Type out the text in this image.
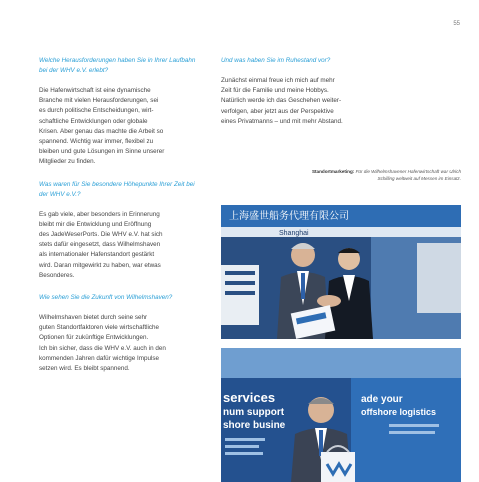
55

Welche Herausforderungen haben Sie in Ihrer Laufbahn bei der WHV e.V. erlebt?

Die Hafenwirtschaft ist eine dynamische
Branche mit vielen Herausforderungen, sei
es durch politische Entscheidungen, wirt-
schaftliche Entwicklungen oder globale
Krisen. Aber genau das machte die Arbeit so
spannend. Wichtig war immer, flexibel zu
bleiben und gute Lösungen im Sinne unserer
Mitglieder zu finden.

Was waren für Sie besondere Höhepunkte Ihrer Zeit bei der WHV e.V.?

Es gab viele, aber besonders in Erinnerung
bleibt mir die Entwicklung und Eröffnung
des JadeWeserPorts. Die WHV e.V. hat sich
stets dafür eingesetzt, dass Wilhelmshaven
als internationaler Hafenstandort gestärkt
wird. Daran mitgewirkt zu haben, war etwas
Besonderes.

Wie sehen Sie die Zukunft von Wilhelmshaven?

Wilhelmshaven bietet durch seine sehr
guten Standortfaktoren viele wirtschaftliche
Optionen für zukünftige Entwicklungen.
Ich bin sicher, dass die WHV e.V. auch in den
kommenden Jahren dafür wichtige Impulse
setzen wird. Es bleibt spannend.

Und was haben Sie im Ruhestand vor?

Zunächst einmal freue ich mich auf mehr
Zeit für die Familie und meine Hobbys.
Natürlich werde ich das Geschehen weiter-
verfolgen, aber jetzt aus der Perspektive
eines Privatmanns – und mit mehr Abstand.

Standortmarketing: Für die Wilhelmshavener Hafenwirtschaft war Ulrich Schilling weltweit auf Messen im Einsatz.
上海盛世船务代理有限公司
Shanghai
services
num support
shore busine
ade your
offshore logistics
